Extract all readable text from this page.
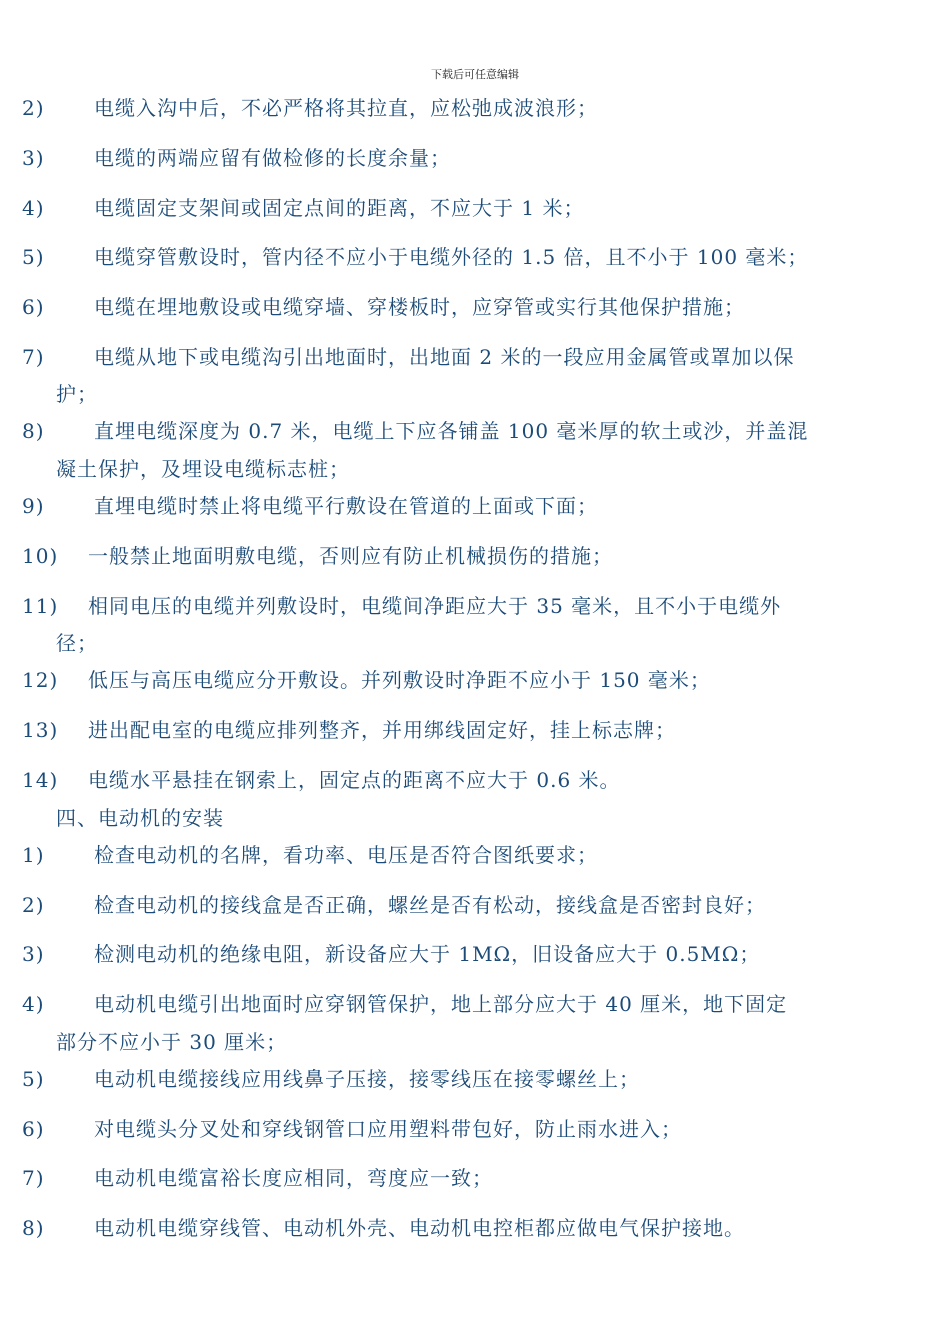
下载后可任意编辑
2) 电缆入沟中后，不必严格将其拉直，应松弛成波浪形；
3) 电缆的两端应留有做检修的长度余量；
4) 电缆固定支架间或固定点间的距离，不应大于 1 米；
5) 电缆穿管敷设时，管内径不应小于电缆外径的 1.5 倍，且不小于 100 毫米；
6) 电缆在埋地敷设或电缆穿墙、穿楼板时，应穿管或实行其他保护措施；
7) 电缆从地下或电缆沟引出地面时，出地面 2 米的一段应用金属管或罩加以保
护；
8) 直埋电缆深度为 0.7 米，电缆上下应各铺盖 100 毫米厚的软土或沙，并盖混
凝土保护，及埋设电缆标志桩；
9) 直埋电缆时禁止将电缆平行敷设在管道的上面或下面；
10) 一般禁止地面明敷电缆，否则应有防止机械损伤的措施；
11) 相同电压的电缆并列敷设时，电缆间净距应大于 35 毫米，且不小于电缆外
径；
12) 低压与高压电缆应分开敷设。并列敷设时净距不应小于 150 毫米；
13) 进出配电室的电缆应排列整齐，并用绑线固定好，挂上标志牌；
14) 电缆水平悬挂在钢索上，固定点的距离不应大于 0.6 米。
四、电动机的安装
1) 检查电动机的名牌，看功率、电压是否符合图纸要求；
2) 检查电动机的接线盒是否正确，螺丝是否有松动，接线盒是否密封良好；
3) 检测电动机的绝缘电阻，新设备应大于 1MΩ，旧设备应大于 0.5MΩ；
4) 电动机电缆引出地面时应穿钢管保护，地上部分应大于 40 厘米，地下固定
部分不应小于 30 厘米；
5) 电动机电缆接线应用线鼻子压接，接零线压在接零螺丝上；
6) 对电缆头分叉处和穿线钢管口应用塑料带包好，防止雨水进入；
7) 电动机电缆富裕长度应相同，弯度应一致；
8) 电动机电缆穿线管、电动机外壳、电动机电控柜都应做电气保护接地。
